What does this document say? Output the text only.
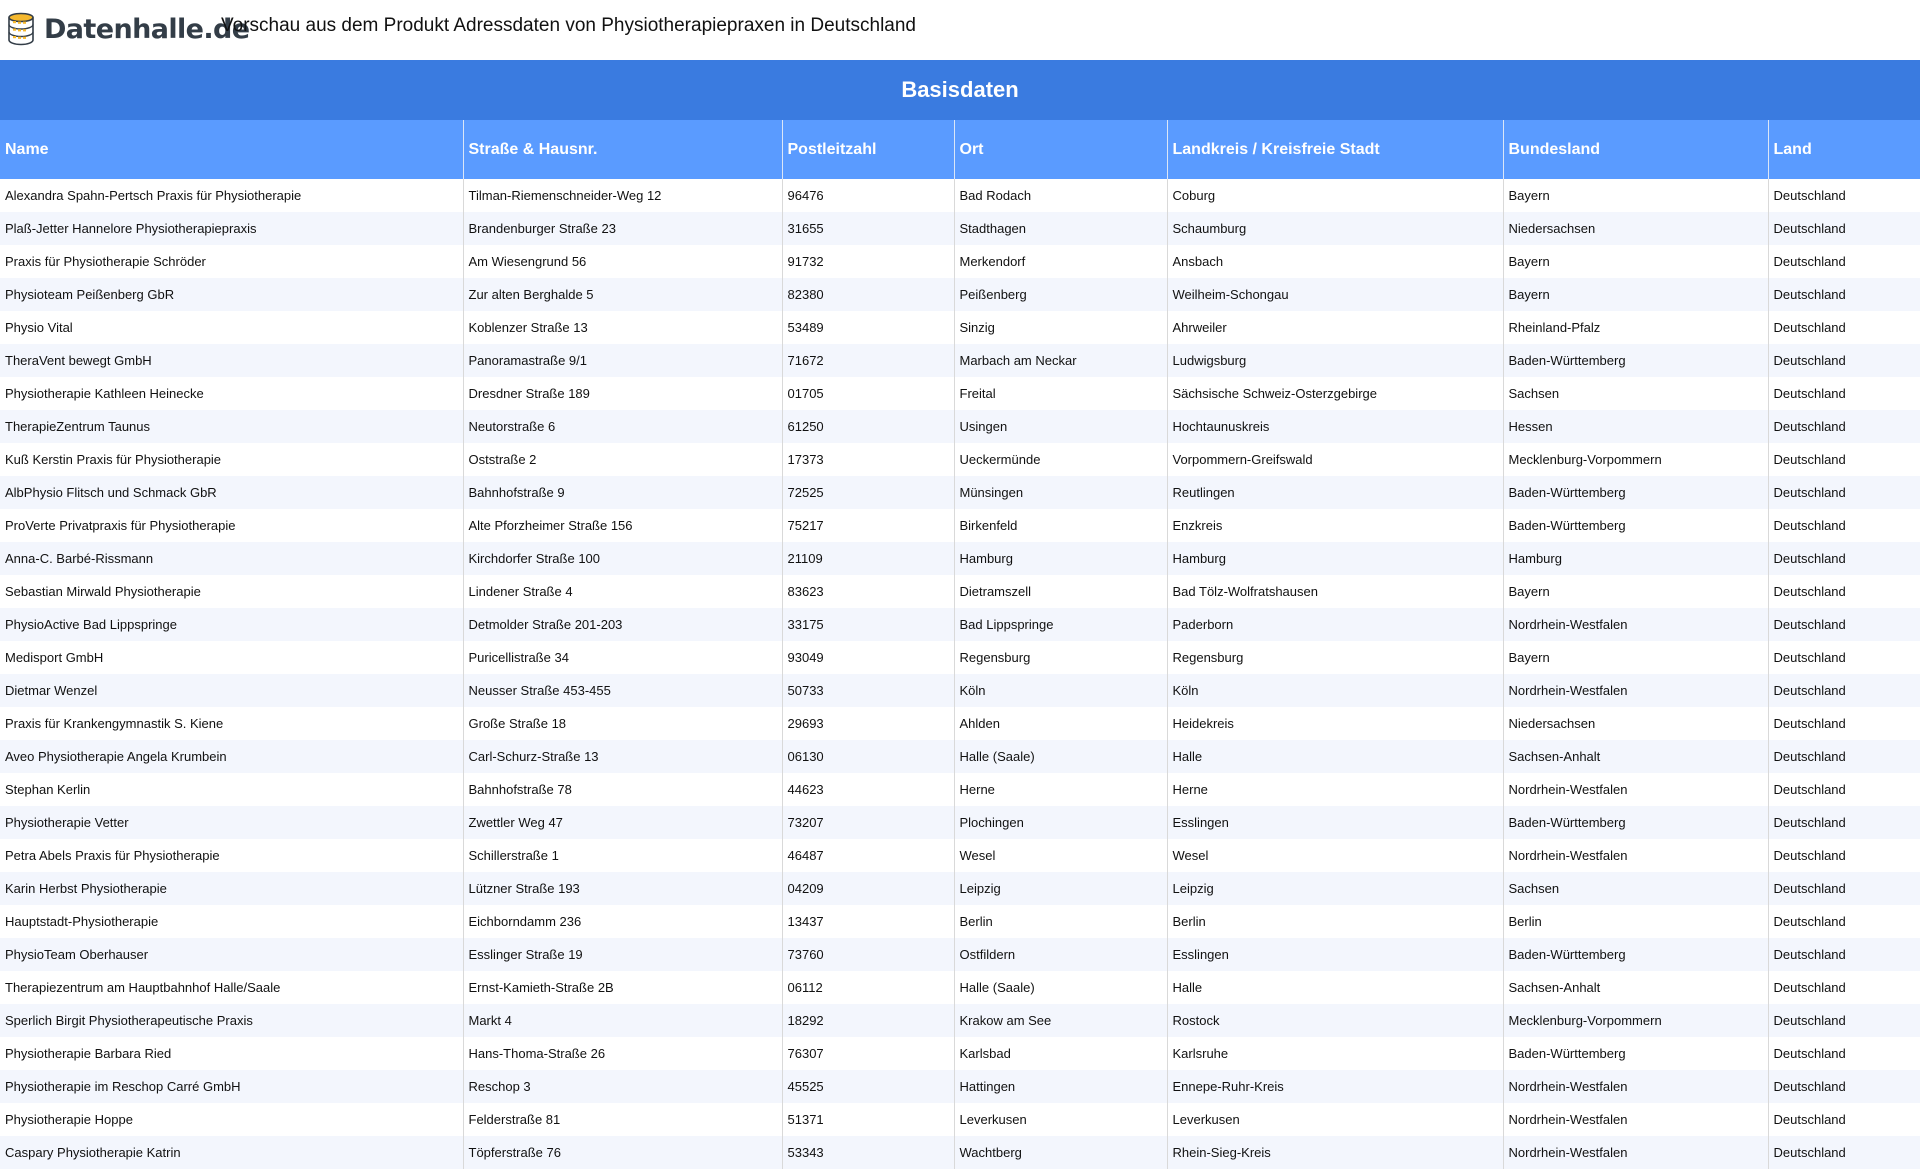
Datenhalle.de
Vorschau aus dem Produkt Adressdaten von Physiotherapiepraxen in Deutschland
Basisdaten						
Name	Straße & Hausnr.	Postleitzahl	Ort	Landkreis / Kreisfreie Stadt	Bundesland	Land
Alexandra Spahn-Pertsch Praxis für Physiotherapie	Tilman-Riemenschneider-Weg 12	96476	Bad Rodach	Coburg	Bayern	Deutschland
Plaß-Jetter Hannelore Physiotherapiepraxis	Brandenburger Straße 23	31655	Stadthagen	Schaumburg	Niedersachsen	Deutschland
Praxis für Physiotherapie Schröder	Am Wiesengrund 56	91732	Merkendorf	Ansbach	Bayern	Deutschland
Physioteam Peißenberg GbR	Zur alten Berghalde 5	82380	Peißenberg	Weilheim-Schongau	Bayern	Deutschland
Physio Vital	Koblenzer Straße 13	53489	Sinzig	Ahrweiler	Rheinland-Pfalz	Deutschland
TheraVent bewegt GmbH	Panoramastraße 9/1	71672	Marbach am Neckar	Ludwigsburg	Baden-Württemberg	Deutschland
Physiotherapie Kathleen Heinecke	Dresdner Straße 189	01705	Freital	Sächsische Schweiz-Osterzgebirge	Sachsen	Deutschland
TherapieZentrum Taunus	Neutorstraße 6	61250	Usingen	Hochtaunuskreis	Hessen	Deutschland
Kuß Kerstin Praxis für Physiotherapie	Oststraße 2	17373	Ueckermünde	Vorpommern-Greifswald	Mecklenburg-Vorpommern	Deutschland
AlbPhysio Flitsch und Schmack GbR	Bahnhofstraße 9	72525	Münsingen	Reutlingen	Baden-Württemberg	Deutschland
ProVerte Privatpraxis für Physiotherapie	Alte Pforzheimer Straße 156	75217	Birkenfeld	Enzkreis	Baden-Württemberg	Deutschland
Anna-C. Barbé-Rissmann	Kirchdorfer Straße 100	21109	Hamburg	Hamburg	Hamburg	Deutschland
Sebastian Mirwald Physiotherapie	Lindener Straße 4	83623	Dietramszell	Bad Tölz-Wolfratshausen	Bayern	Deutschland
PhysioActive Bad Lippspringe	Detmolder Straße 201-203	33175	Bad Lippspringe	Paderborn	Nordrhein-Westfalen	Deutschland
Medisport GmbH	Puricellistraße 34	93049	Regensburg	Regensburg	Bayern	Deutschland
Dietmar Wenzel	Neusser Straße 453-455	50733	Köln	Köln	Nordrhein-Westfalen	Deutschland
Praxis für Krankengymnastik S. Kiene	Große Straße 18	29693	Ahlden	Heidekreis	Niedersachsen	Deutschland
Aveo Physiotherapie Angela Krumbein	Carl-Schurz-Straße 13	06130	Halle (Saale)	Halle	Sachsen-Anhalt	Deutschland
Stephan Kerlin	Bahnhofstraße 78	44623	Herne	Herne	Nordrhein-Westfalen	Deutschland
Physiotherapie Vetter	Zwettler Weg 47	73207	Plochingen	Esslingen	Baden-Württemberg	Deutschland
Petra Abels Praxis für Physiotherapie	Schillerstraße 1	46487	Wesel	Wesel	Nordrhein-Westfalen	Deutschland
Karin Herbst Physiotherapie	Lützner Straße 193	04209	Leipzig	Leipzig	Sachsen	Deutschland
Hauptstadt-Physiotherapie	Eichborndamm 236	13437	Berlin	Berlin	Berlin	Deutschland
PhysioTeam Oberhauser	Esslinger Straße 19	73760	Ostfildern	Esslingen	Baden-Württemberg	Deutschland
Therapiezentrum am Hauptbahnhof Halle/Saale	Ernst-Kamieth-Straße 2B	06112	Halle (Saale)	Halle	Sachsen-Anhalt	Deutschland
Sperlich Birgit Physiotherapeutische Praxis	Markt 4	18292	Krakow am See	Rostock	Mecklenburg-Vorpommern	Deutschland
Physiotherapie Barbara Ried	Hans-Thoma-Straße 26	76307	Karlsbad	Karlsruhe	Baden-Württemberg	Deutschland
Physiotherapie im Reschop Carré GmbH	Reschop 3	45525	Hattingen	Ennepe-Ruhr-Kreis	Nordrhein-Westfalen	Deutschland
Physiotherapie Hoppe	Felderstraße 81	51371	Leverkusen	Leverkusen	Nordrhein-Westfalen	Deutschland
Caspary Physiotherapie Katrin	Töpferstraße 76	53343	Wachtberg	Rhein-Sieg-Kreis	Nordrhein-Westfalen	Deutschland
